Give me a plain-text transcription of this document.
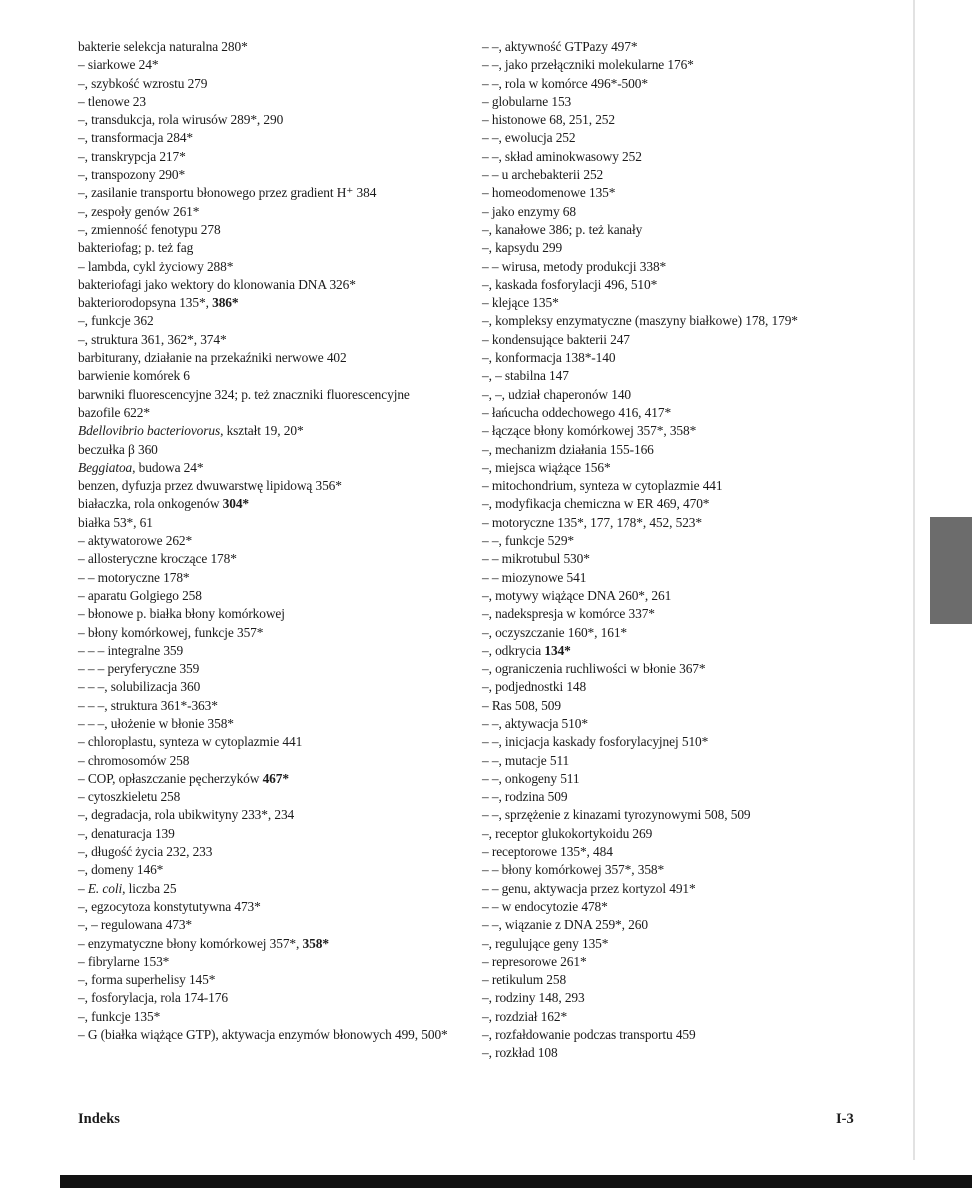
bakterie selekcja naturalna 280*
– siarkowe 24*
–, szybkość wzrostu 279
– tlenowe 23
–, transdukcja, rola wirusów 289*, 290
–, transformacja 284*
–, transkrypcja 217*
–, transpozony 290*
–, zasilanie transportu błonowego przez gradient H⁺ 384
–, zespoły genów 261*
–, zmienność fenotypu 278
bakteriofag; p. też fag
– lambda, cykl życiowy 288*
bakteriofagi jako wektory do klonowania DNA 326*
bakteriorodopsyna 135*, 386*
–, funkcje 362
–, struktura 361, 362*, 374*
barbiturany, działanie na przekaźniki nerwowe 402
barwienie komórek 6
barwniki fluorescencyjne 324; p. też znaczniki fluorescencyjne
bazofile 622*
Bdellovibrio bacteriovorus, kształt 19, 20*
beczułka β 360
Beggiatoa, budowa 24*
benzen, dyfuzja przez dwuwarstwę lipidową 356*
białaczka, rola onkogenów 304*
białka 53*, 61
– aktywatorowe 262*
– allosteryczne kroczące 178*
– – motoryczne 178*
– aparatu Golgiego 258
– błonowe p. białka błony komórkowej
– błony komórkowej, funkcje 357*
– – – integralne 359
– – – peryferyczne 359
– – –, solubilizacja 360
– – –, struktura 361*-363*
– – –, ułożenie w błonie 358*
– chloroplastu, synteza w cytoplazmie 441
– chromosomów 258
– COP, opłaszczanie pęcherzyków 467*
– cytoszkieletu 258
–, degradacja, rola ubikwityny 233*, 234
–, denaturacja 139
–, długość życia 232, 233
–, domeny 146*
– E. coli, liczba 25
–, egzocytoza konstytutywna 473*
–, – regulowana 473*
– enzymatyczne błony komórkowej 357*, 358*
– fibrylarne 153*
–, forma superhelisy 145*
–, fosforylacja, rola 174-176
–, funkcje 135*
– G (białka wiążące GTP), aktywacja enzymów błonowych 499, 500*
– –, aktywność GTPazy 497*
– –, jako przełączniki molekularne 176*
– –, rola w komórce 496*-500*
– globularne 153
– histonowe 68, 251, 252
– –, ewolucja 252
– –, skład aminokwasowy 252
– – u archebakterii 252
– homeodomenowe 135*
– jako enzymy 68
–, kanałowe 386; p. też kanały
–, kapsydu 299
– – wirusa, metody produkcji 338*
–, kaskada fosforylacji 496, 510*
– klejące 135*
–, kompleksy enzymatyczne (maszyny białkowe) 178, 179*
– kondensujące bakterii 247
–, konformacja 138*-140
–, – stabilna 147
–, –, udział chaperonów 140
– łańcucha oddechowego 416, 417*
– łączące błony komórkowej 357*, 358*
–, mechanizm działania 155-166
–, miejsca wiążące 156*
– mitochondrium, synteza w cytoplazmie 441
–, modyfikacja chemiczna w ER 469, 470*
– motoryczne 135*, 177, 178*, 452, 523*
– –, funkcje 529*
– – mikrotubul 530*
– – miozynowe 541
–, motywy wiążące DNA 260*, 261
–, nadekspresja w komórce 337*
–, oczyszczanie 160*, 161*
–, odkrycia 134*
–, ograniczenia ruchliwości w błonie 367*
–, podjednostki 148
– Ras 508, 509
– –, aktywacja 510*
– –, inicjacja kaskady fosforylacyjnej 510*
– –, mutacje 511
– –, onkogeny 511
– –, rodzina 509
– –, sprzężenie z kinazami tyrozynowymi 508, 509
–, receptor glukokortykoidu 269
– receptorowe 135*, 484
– – błony komórkowej 357*, 358*
– – genu, aktywacja przez kortyzol 491*
– – w endocytozie 478*
– –, wiązanie z DNA 259*, 260
–, regulujące geny 135*
– represorowe 261*
– retikulum 258
–, rodziny 148, 293
–, rozdział 162*
–, rozfałdowanie podczas transportu 459
–, rozkład 108
Indeks	I-3
